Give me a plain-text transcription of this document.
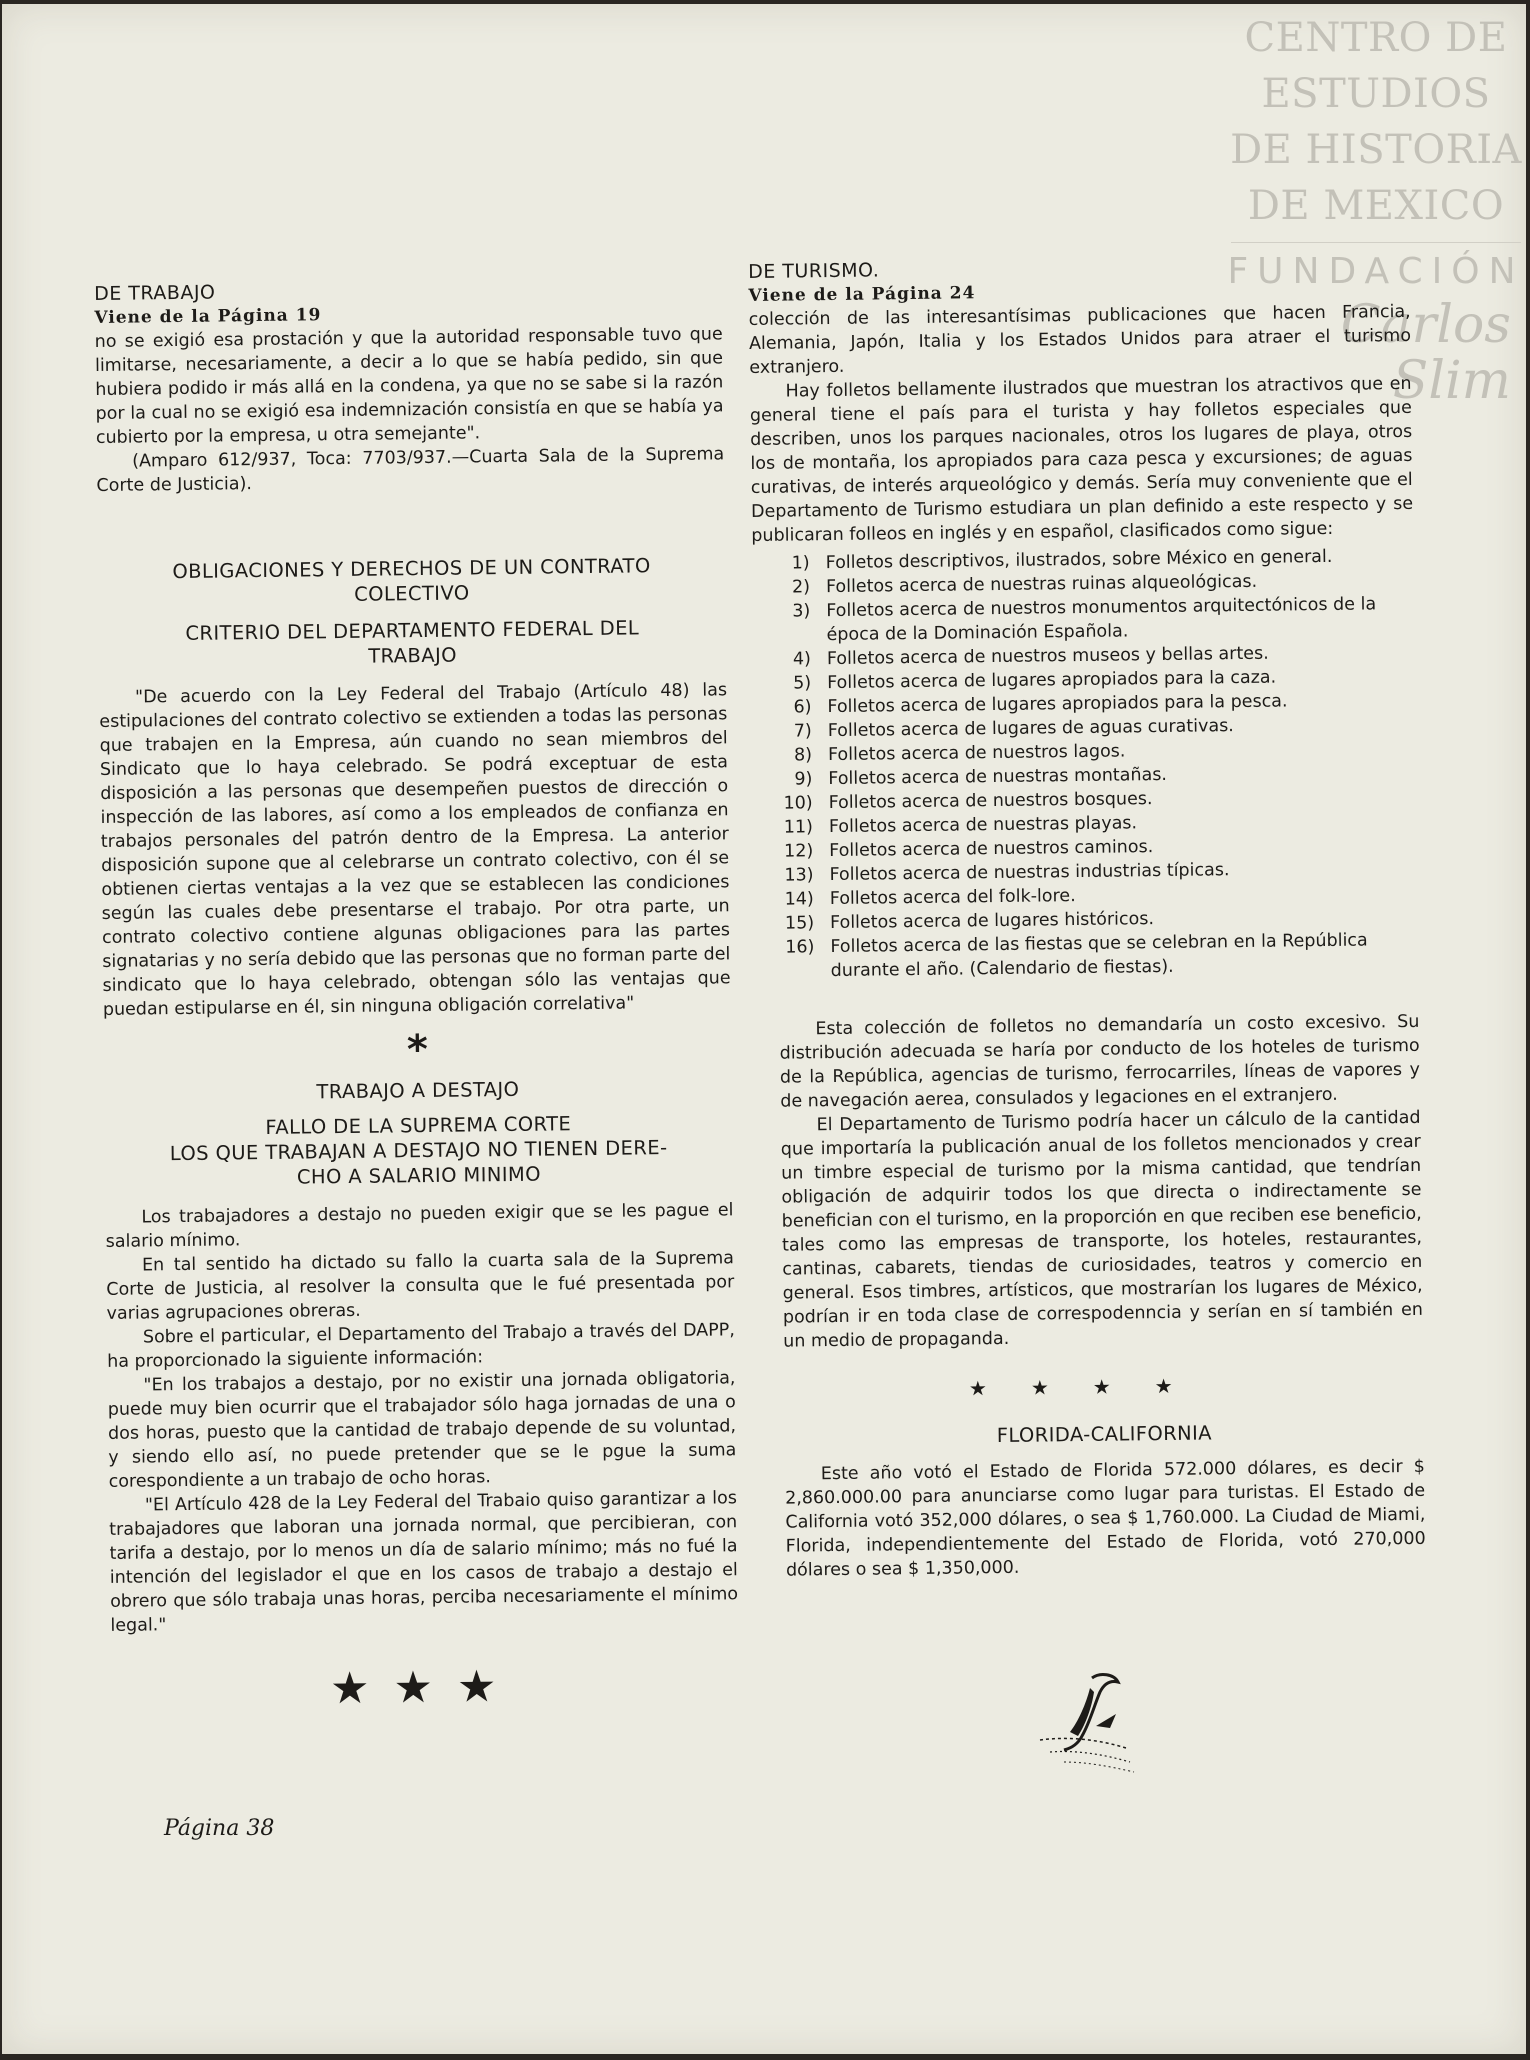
CENTRO DE
ESTUDIOS
DE HISTORIA
DE MEXICO
FUNDACIÓN
Carlos Slim
DE TRABAJO
Viene de la Página 19

no se exigió esa prostación y que la autoridad responsable tuvo que limitarse, necesariamente, a decir a lo que se había pedido, sin que hubiera podido ir más allá en la condena, ya que no se sabe si la razón por la cual no se exigió esa indemnización consistía en que se había ya cubierto por la empresa, u otra semejante".

(Amparo 612/937, Toca: 7703/937.—Cuarta Sala de la Suprema Corte de Justicia).

OBLIGACIONES Y DERECHOS DE UN CONTRATO

COLECTIVO

CRITERIO DEL DEPARTAMENTO FEDERAL DEL

TRABAJO

"De acuerdo con la Ley Federal del Trabajo (Artículo 48) las estipulaciones del contrato colectivo se extienden a todas las personas que trabajen en la Empresa, aún cuando no sean miembros del Sindicato que lo haya celebrado. Se podrá exceptuar de esta disposición a las personas que desempeñen puestos de dirección o inspección de las labores, así como a los empleados de confianza en trabajos personales del patrón dentro de la Empresa. La anterior disposición supone que al celebrarse un contrato colectivo, con él se obtienen ciertas ventajas a la vez que se establecen las condiciones según las cuales debe presentarse el trabajo. Por otra parte, un contrato colectivo contiene algunas obligaciones para las partes signatarias y no sería debido que las personas que no forman parte del sindicato que lo haya celebrado, obtengan sólo las ventajas que puedan estipularse en él, sin ninguna obligación correlativa"

*

TRABAJO A DESTAJO

FALLO DE LA SUPREMA CORTE

LOS QUE TRABAJAN A DESTAJO NO TIENEN DERE-

CHO A SALARIO MINIMO

Los trabajadores a destajo no pueden exigir que se les pague el salario mínimo.

En tal sentido ha dictado su fallo la cuarta sala de la Suprema Corte de Justicia, al resolver la consulta que le fué presentada por varias agrupaciones obreras.

Sobre el particular, el Departamento del Trabajo a través del DAPP, ha proporcionado la siguiente información:

"En los trabajos a destajo, por no existir una jornada obligatoria, puede muy bien ocurrir que el trabajador sólo haga jornadas de una o dos horas, puesto que la cantidad de trabajo depende de su voluntad, y siendo ello así, no puede pretender que se le pgue la suma corespondiente a un trabajo de ocho horas.

"El Artículo 428 de la Ley Federal del Trabaio quiso garantizar a los trabajadores que laboran una jornada normal, que percibieran, con tarifa a destajo, por lo menos un día de salario mínimo; más no fué la intención del legislador el que en los casos de trabajo a destajo el obrero que sólo trabaja unas horas, perciba necesariamente el mínimo legal."

★★★
Página 38
DE TURISMO.
Viene de la Página 24

colección de las interesantísimas publicaciones que hacen Francia, Alemania, Japón, Italia y los Estados Unidos para atraer el turismo extranjero.

Hay folletos bellamente ilustrados que muestran los atractivos que en general tiene el país para el turista y hay folletos especiales que describen, unos los parques nacionales, otros los lugares de playa, otros los de montaña, los apropiados para caza pesca y excursiones; de aguas curativas, de interés arqueológico y demás. Sería muy conveniente que el Departamento de Turismo estudiara un plan definido a este respecto y se publicaran folleos en inglés y en español, clasificados como sigue:

1) Folletos descriptivos, ilustrados, sobre México en general.
2) Folletos acerca de nuestras ruinas alqueológicas.
3) Folletos acerca de nuestros monumentos arquitectónicos de la época de la Dominación Española.
4) Folletos acerca de nuestros museos y bellas artes.
5) Folletos acerca de lugares apropiados para la caza.
6) Folletos acerca de lugares apropiados para la pesca.
7) Folletos acerca de lugares de aguas curativas.
8) Folletos acerca de nuestros lagos.
9) Folletos acerca de nuestras montañas.
10) Folletos acerca de nuestros bosques.
11) Folletos acerca de nuestras playas.
12) Folletos acerca de nuestros caminos.
13) Folletos acerca de nuestras industrias típicas.
14) Folletos acerca del folk-lore.
15) Folletos acerca de lugares históricos.
16) Folletos acerca de las fiestas que se celebran en la República durante el año. (Calendario de fiestas).

Esta colección de folletos no demandaría un costo excesivo. Su distribución adecuada se haría por conducto de los hoteles de turismo de la República, agencias de turismo, ferrocarriles, líneas de vapores y de navegación aerea, consulados y legaciones en el extranjero.

El Departamento de Turismo podría hacer un cálculo de la cantidad que importaría la publicación anual de los folletos mencionados y crear un timbre especial de turismo por la misma cantidad, que tendrían obligación de adquirir todos los que directa o indirectamente se benefician con el turismo, en la proporción en que reciben ese beneficio, tales como las empresas de transporte, los hoteles, restaurantes, cantinas, cabarets, tiendas de curiosidades, teatros y comercio en general. Esos timbres, artísticos, que mostrarían los lugares de México, podrían ir en toda clase de correspodenncia y serían en sí también en un medio de propaganda.

★★★★

FLORIDA-CALIFORNIA

Este año votó el Estado de Florida 572.000 dólares, es decir $ 2,860.000.00 para anunciarse como lugar para turistas. El Estado de California votó 352,000 dólares, o sea $ 1,760.000. La Ciudad de Miami, Florida, independientemente del Estado de Florida, votó 270,000 dólares o sea $ 1,350,000.
